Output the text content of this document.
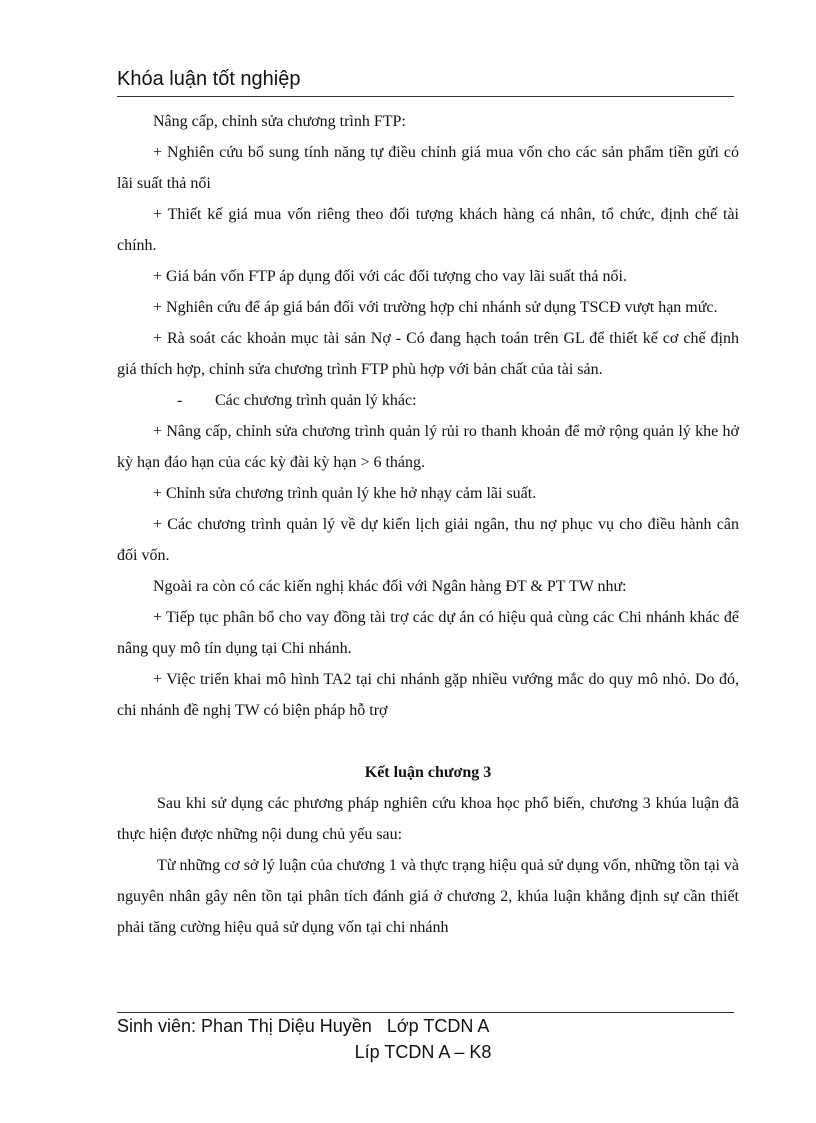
Khóa luận tốt nghiệp

Nâng cấp, chỉnh sửa chương trình FTP:

+ Nghiên cứu bổ sung tính năng tự điều chỉnh giá mua vốn cho các sản phẩm tiền gửi có lãi suất thả nổi

+ Thiết kế giá mua vốn riêng theo đối tượng khách hàng cá nhân, tổ chức, định chế tài chính.

+ Giá bán vốn FTP áp dụng đối với các đối tượng cho vay lãi suất thả nổi.

+ Nghiên cứu để áp giá bán đối với trường hợp chi nhánh sử dụng TSCĐ vượt hạn mức.

+ Rà soát các khoản mục tài sản Nợ - Có đang hạch toán trên GL để thiết kế cơ chế định giá thích hợp, chỉnh sửa chương trình FTP phù hợp với bản chất của tài sản.

- Các chương trình quản lý khác:

+ Nâng cấp, chỉnh sửa chương trình quản lý rủi ro thanh khoản để mở rộng quản lý khe hở kỳ hạn đáo hạn của các kỳ đài kỳ hạn > 6 tháng.

+ Chỉnh sửa chương trình quản lý khe hở nhạy cảm lãi suất.

+ Các chương trình quản lý về dự kiến lịch giải ngân, thu nợ phục vụ cho điều hành cân đối vốn.

Ngoài ra còn có các kiến nghị khác đối với Ngân hàng ĐT & PT TW như:

+ Tiếp tục phân bổ cho vay đồng tài trợ các dự án có hiệu quả cùng các Chi nhánh khác để nâng quy mô tín dụng tại Chi nhánh.

+ Việc triển khai mô hình TA2 tại chi nhánh gặp nhiều vướng mắc do quy mô nhỏ. Do đó, chi nhánh đề nghị TW có biện pháp hỗ trợ

Kết luận chương 3

Sau khi sử dụng các phương pháp nghiên cứu khoa học phổ biến, chương 3 khúa luận đã thực hiện được những nội dung chủ yếu sau:

Từ những cơ sở lý luận của chương 1 và thực trạng hiệu quả sử dụng vốn, những tồn tại và nguyên nhân gây nên tồn tại phân tích đánh giá ở chương 2, khúa luận khẳng định sự cần thiết phải tăng cường hiệu quả sử dụng vốn tại chi nhánh

Sinh viên: Phan Thị Diệu Huyền   Lớp TCDN A
Líp TCDN A – K8
